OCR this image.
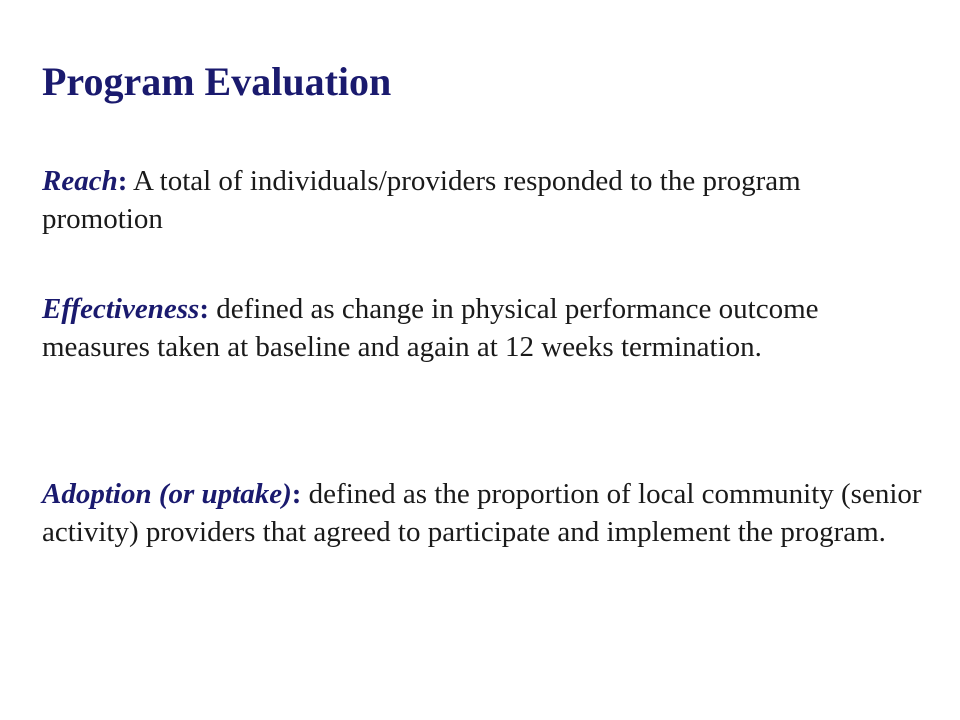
Program Evaluation

Reach: A total of individuals/providers responded to the program promotion

Effectiveness: defined as change in physical performance outcome measures taken at baseline and again at 12 weeks termination.

Adoption (or uptake): defined as the proportion of local community (senior activity) providers that agreed to participate and implement the program.
